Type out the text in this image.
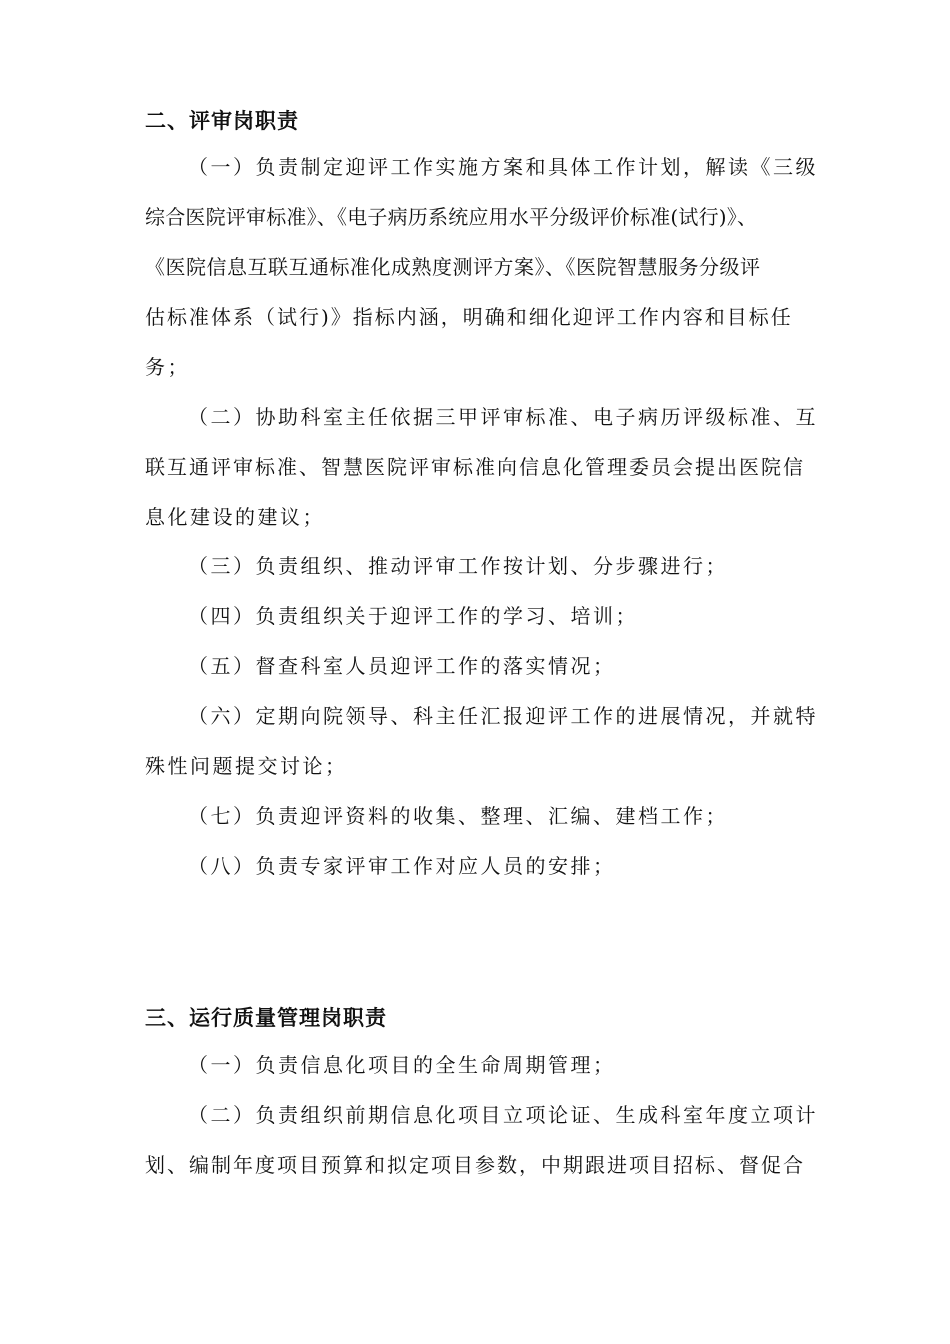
二、评审岗职责
（一）负责制定迎评工作实施方案和具体工作计划，解读《三级
综合医院评审标准》、《电子病历系统应用水平分级评价标准(试行)》、
《医院信息互联互通标准化成熟度测评方案》、《医院智慧服务分级评
估标准体系（试行)》指标内涵，明确和细化迎评工作内容和目标任
务；
（二）协助科室主任依据三甲评审标准、电子病历评级标准、互
联互通评审标准、智慧医院评审标准向信息化管理委员会提出医院信
息化建设的建议；
（三）负责组织、推动评审工作按计划、分步骤进行；
（四）负责组织关于迎评工作的学习、培训；
（五）督查科室人员迎评工作的落实情况；
（六）定期向院领导、科主任汇报迎评工作的进展情况，并就特
殊性问题提交讨论；
（七）负责迎评资料的收集、整理、汇编、建档工作；
（八）负责专家评审工作对应人员的安排；
三、运行质量管理岗职责
（一）负责信息化项目的全生命周期管理；
（二）负责组织前期信息化项目立项论证、生成科室年度立项计
划、编制年度项目预算和拟定项目参数，中期跟进项目招标、督促合
